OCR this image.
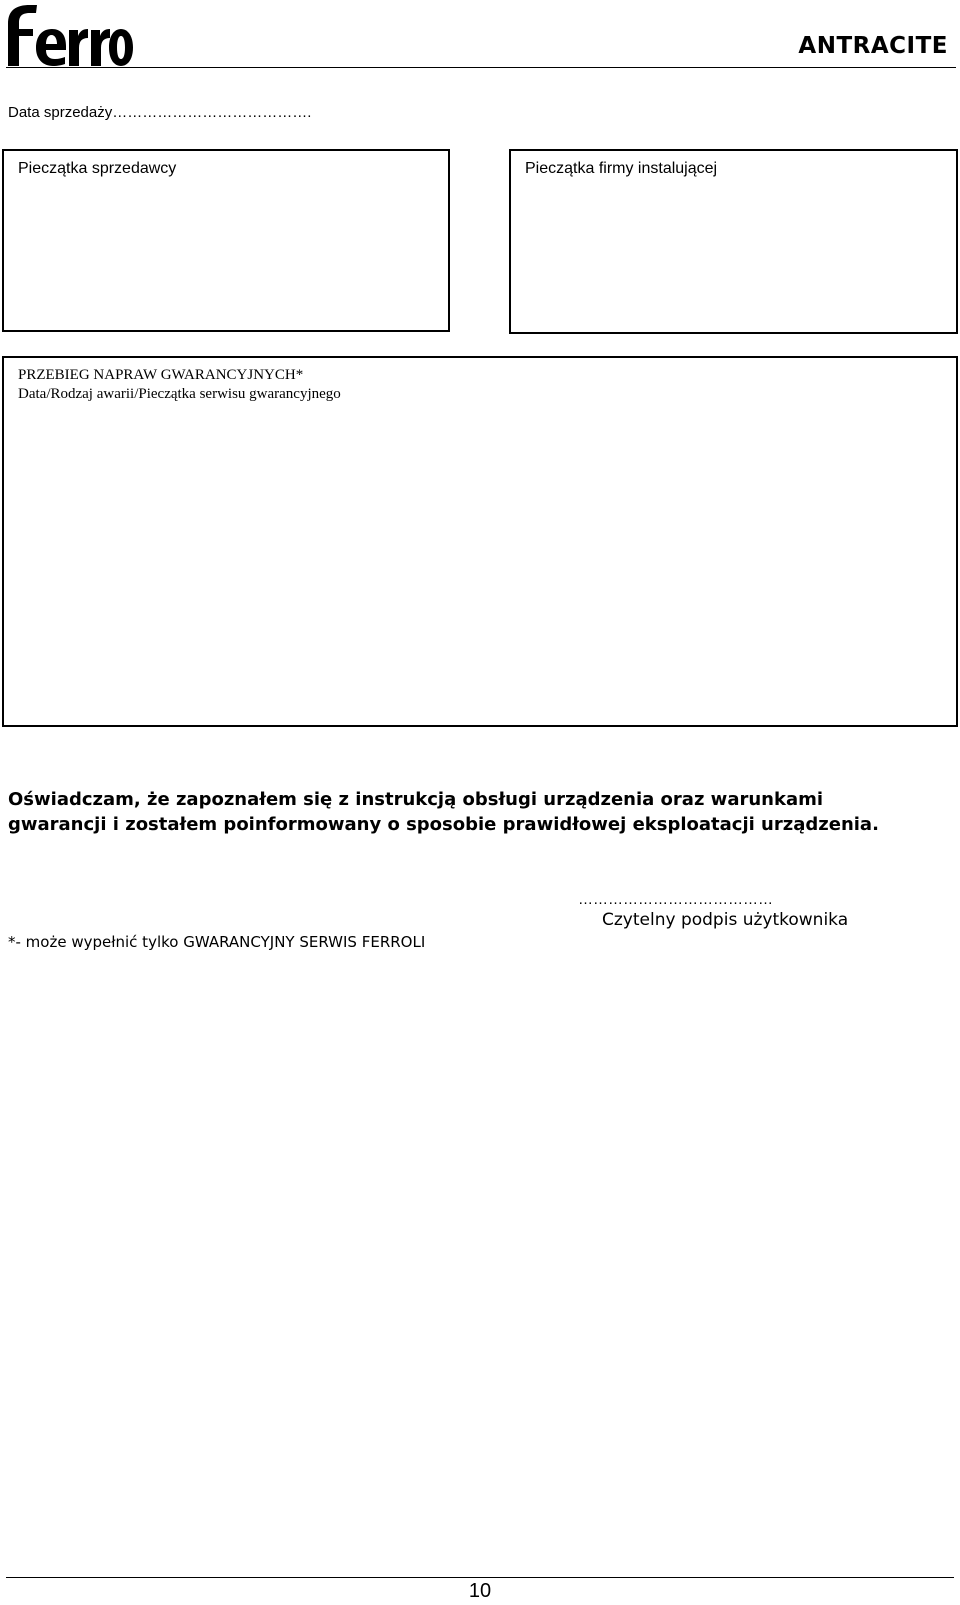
ANTRACITE
Data sprzedaży………………………………….
Pieczątka sprzedawcy	Pieczątka firmy instalującej
PRZEBIEG NAPRAW GWARANCYJNYCH*
Data/Rodzaj awarii/Pieczątka serwisu gwarancyjnego
Oświadczam, że zapoznałem się z instrukcją obsługi urządzenia oraz warunkami
gwarancji i zostałem poinformowany o sposobie prawidłowej eksploatacji urządzenia.
…………………………………
Czytelny podpis użytkownika
*- może wypełnić tylko GWARANCYJNY SERWIS FERROLI
10
